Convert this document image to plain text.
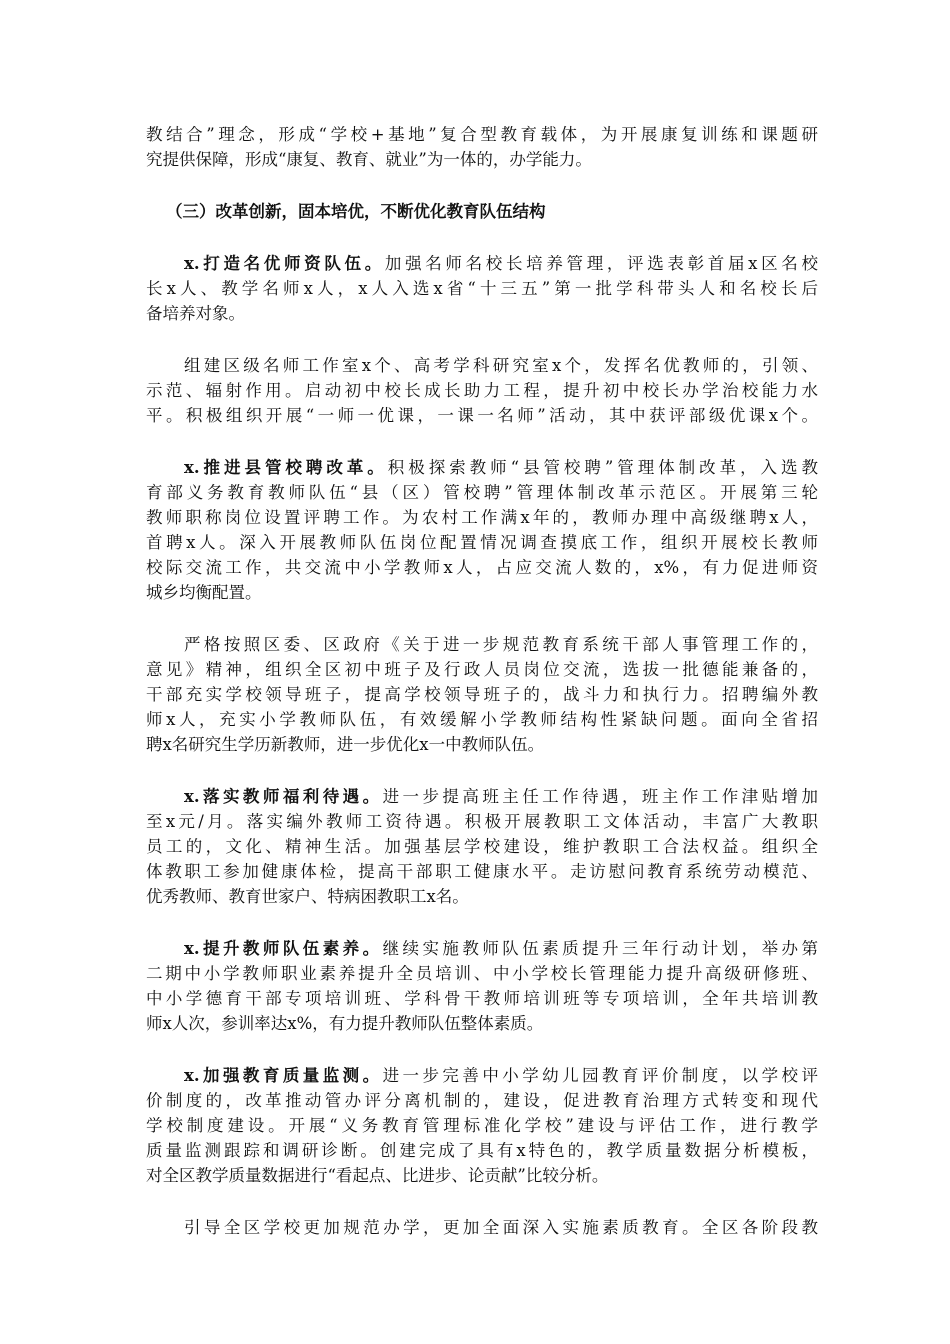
教结合”理念，形成“学校+基地”复合型教育载体，为开展康复训练和课题研
究提供保障，形成“康复、教育、就业”为一体的，办学能力。
（三）改革创新，固本培优，不断优化教育队伍结构
x.打造名优师资队伍。加强名师名校长培养管理，评选表彰首届x区名校
长x人、教学名师x人，x人入选x省“十三五”第一批学科带头人和名校长后
备培养对象。
组建区级名师工作室x个、高考学科研究室x个，发挥名优教师的，引领、
示范、辐射作用。启动初中校长成长助力工程，提升初中校长办学治校能力水
平。积极组织开展“一师一优课，一课一名师”活动，其中获评部级优课x个。
x.推进县管校聘改革。积极探索教师“县管校聘”管理体制改革，入选教
育部义务教育教师队伍“县（区）管校聘”管理体制改革示范区。开展第三轮
教师职称岗位设置评聘工作。为农村工作满x年的，教师办理中高级继聘x人，
首聘x人。深入开展教师队伍岗位配置情况调查摸底工作，组织开展校长教师
校际交流工作，共交流中小学教师x人，占应交流人数的，x%，有力促进师资
城乡均衡配置。
严格按照区委、区政府《关于进一步规范教育系统干部人事管理工作的，
意见》精神，组织全区初中班子及行政人员岗位交流，选拔一批德能兼备的，
干部充实学校领导班子，提高学校领导班子的，战斗力和执行力。招聘编外教
师x人，充实小学教师队伍，有效缓解小学教师结构性紧缺问题。面向全省招
聘x名研究生学历新教师，进一步优化x一中教师队伍。
x.落实教师福利待遇。进一步提高班主任工作待遇，班主作工作津贴增加
至x元/月。落实编外教师工资待遇。积极开展教职工文体活动，丰富广大教职
员工的，文化、精神生活。加强基层学校建设，维护教职工合法权益。组织全
体教职工参加健康体检，提高干部职工健康水平。走访慰问教育系统劳动模范、
优秀教师、教育世家户、特病困教职工x名。
x.提升教师队伍素养。继续实施教师队伍素质提升三年行动计划，举办第
二期中小学教师职业素养提升全员培训、中小学校长管理能力提升高级研修班、
中小学德育干部专项培训班、学科骨干教师培训班等专项培训，全年共培训教
师x人次，参训率达x%，有力提升教师队伍整体素质。
x.加强教育质量监测。进一步完善中小学幼儿园教育评价制度，以学校评
价制度的，改革推动管办评分离机制的，建设，促进教育治理方式转变和现代
学校制度建设。开展“义务教育管理标准化学校”建设与评估工作，进行教学
质量监测跟踪和调研诊断。创建完成了具有x特色的，教学质量数据分析模板，
对全区教学质量数据进行“看起点、比进步、论贡献”比较分析。
引导全区学校更加规范办学，更加全面深入实施素质教育。全区各阶段教
